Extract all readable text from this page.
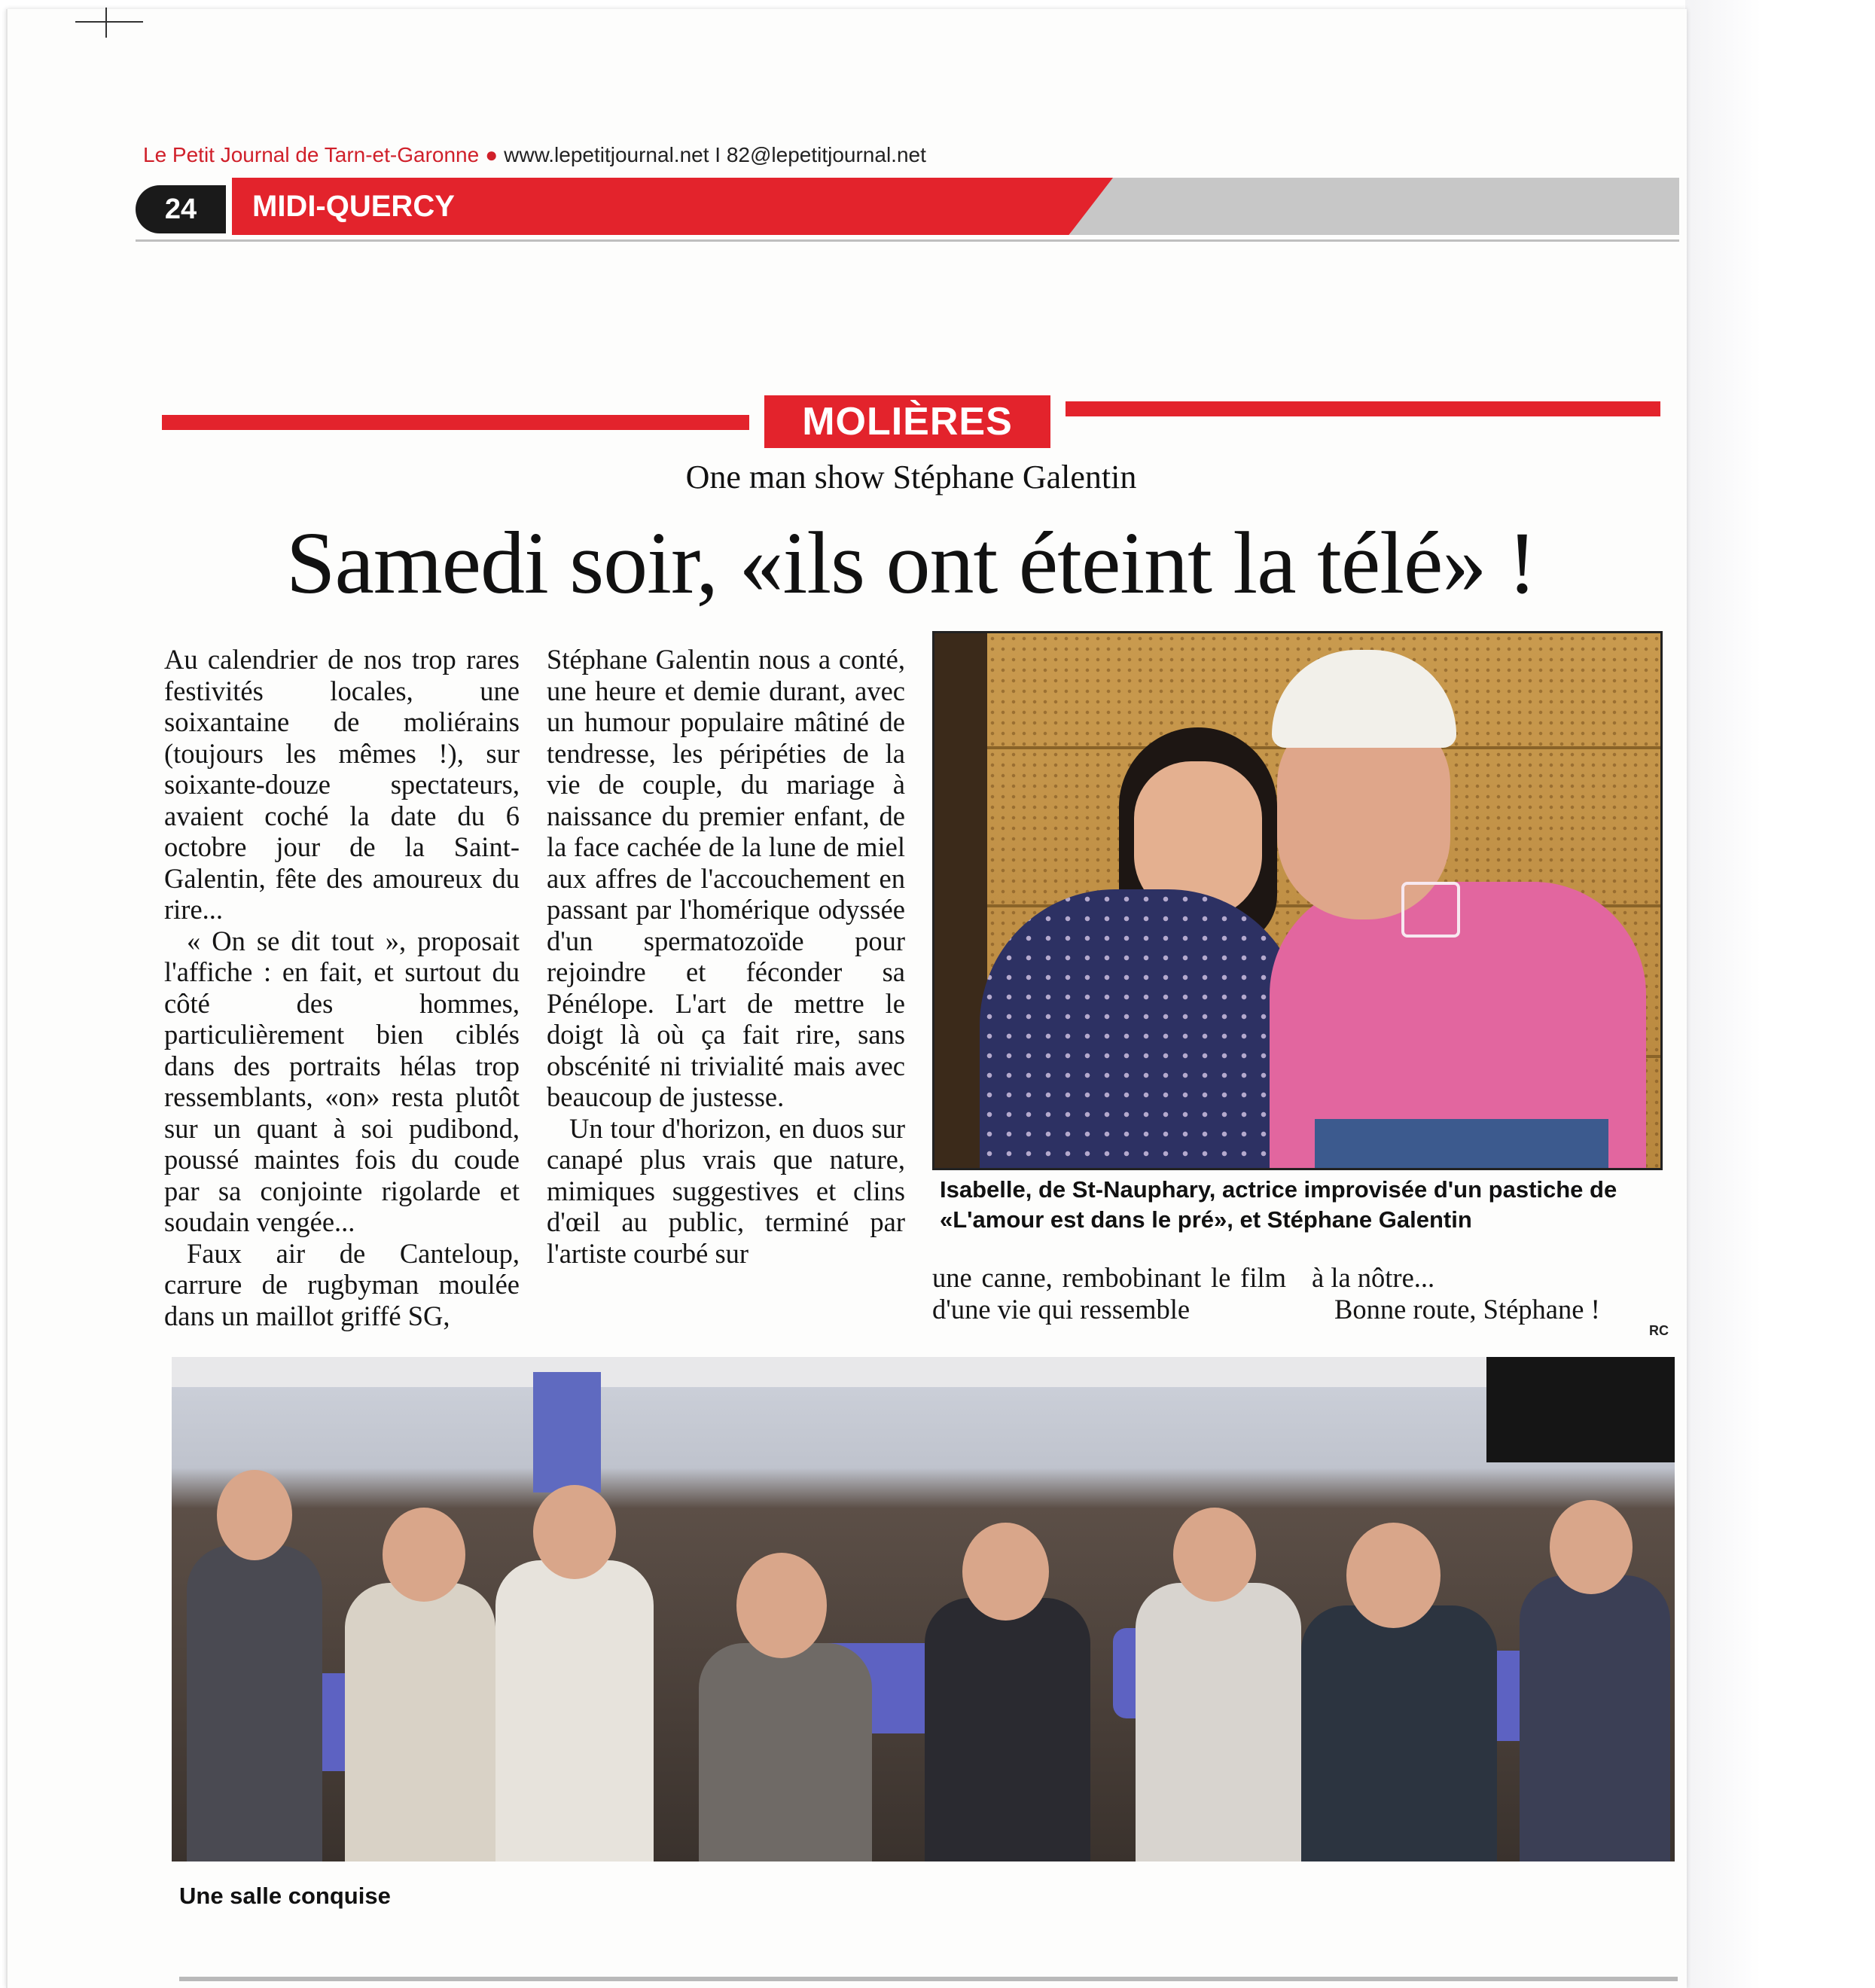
Le Petit Journal de Tarn-et-Garonne ● www.lepetitjournal.net I 82@lepetitjournal.net
24	MIDI-QUERCY
MOLIÈRES
One man show Stéphane Galentin
Samedi soir, «ils ont éteint la télé» !

Au calendrier de nos trop rares festivités locales, une soixantaine de moliérains (toujours les mêmes !), sur soixante-douze spectateurs, avaient coché la date du 6 octobre jour de la Saint-Galentin, fête des amoureux du rire...

« On se dit tout », proposait l'affiche : en fait, et surtout du côté des hommes, particulièrement bien ciblés dans des portraits hélas trop ressemblants, «on» resta plutôt sur un quant à soi pudibond, poussé maintes fois du coude par sa conjointe rigolarde et soudain vengée...

Faux air de Canteloup, carrure de rugbyman moulée dans un maillot griffé SG,

Stéphane Galentin nous a conté, une heure et demie durant, avec un humour populaire mâtiné de tendresse, les péripéties de la vie de couple, du mariage à naissance du premier enfant, de la face cachée de la lune de miel aux affres de l'accouchement en passant par l'homérique odyssée d'un spermatozoïde pour rejoindre et féconder sa Pénélope. L'art de mettre le doigt là où ça fait rire, sans obscénité ni trivialité mais avec beaucoup de justesse.

Un tour d'horizon, en duos sur canapé plus vrais que nature, mimiques suggestives et clins d'œil au public, terminé par l'artiste courbé sur

Isabelle, de St-Nauphary, actrice improvisée d'un pastiche de «L'amour est dans le pré», et Stéphane Galentin

une canne, rembobinant le film d'une vie qui ressemble

à la nôtre...

Bonne route, Stéphane !

RC
Une salle conquise
